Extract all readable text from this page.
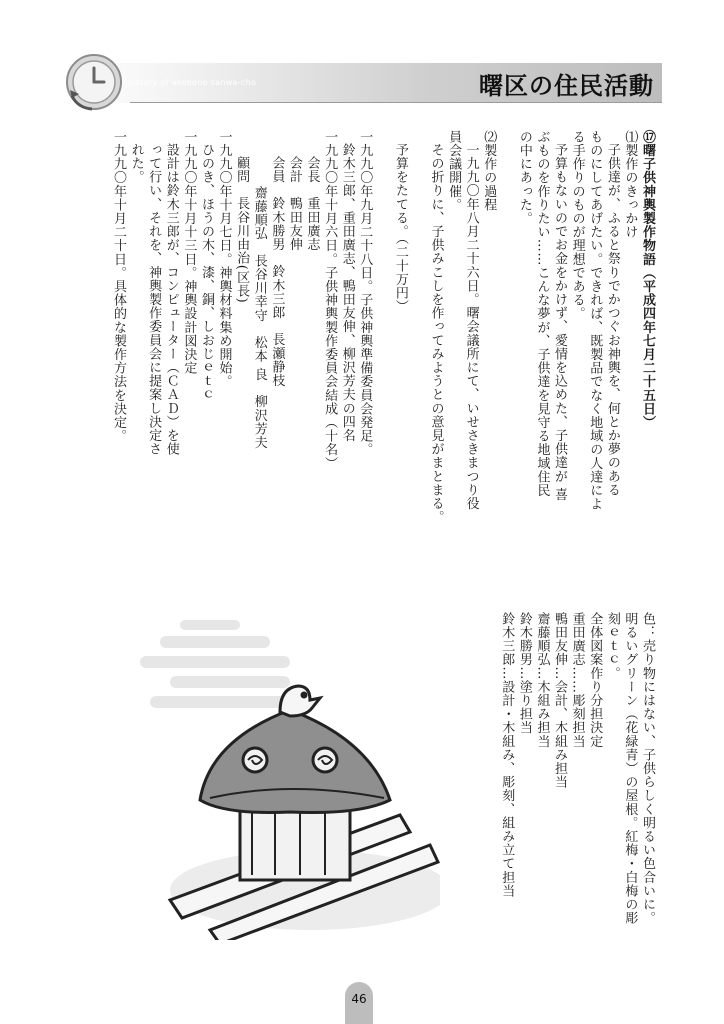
history of akebono sanwa-cho	曙区の住民活動
⑰曙子供神輿製作物語（平成四年七月二十五日）
⑴製作のきっかけ
子供達が、ふると祭りでかつぐお神輿を、何とか夢のある
ものにしてあげたい。できれば、既製品でなく地域の人達によ
る手作りのものが理想である。
予算もないのでお金をかけず、愛情を込めた、子供達が 喜
ぶものを作りたい……こんな夢が、子供達を見守る地域住民
の中にあった。
⑵製作の過程
一九九〇年八月二十六日。曙会議所にて、いせさきまつり役
員会議開催。
その折りに、子供みこしを作ってみようとの意見がまとまる。
予算をたてる。（二十万円）
一九九〇年九月二十八日。子供神輿準備委員会発足。
鈴木三郎、重田廣志、鴨田友伸、柳沢芳夫の四名
一九九〇年十月六日。子供神輿製作委員会結成（十名）
会長　重田廣志
会計　鴨田友伸
会員　鈴木勝男　鈴木三郎　長瀬静枝
齋藤順弘　長谷川幸守　松本 良　柳沢芳夫
顧問　長谷川由治(区長)
一九九〇年十月七日。神輿材料集め開始。
ひのき、ほうの木、漆、銅、しおじｅｔｃ
一九九〇年十月十三日。神輿設計図決定
設計は鈴木三郎が、コンピューター（ＣＡＤ）を使
って行い、それを、神輿製作委員会に提案し決定さ
れた。
一九九〇年十月二十日。具体的な製作方法を決定。
色：売り物にはない、子供らしく明るい色合いに。
明るいグリーン（花緑青）の屋根。紅梅・白梅の彫
刻ｅｔｃ。
全体図案作り分担決定
重田廣志……彫刻担当
鴨田友伸…会計、木組み担当
齋藤順弘…木組み担当
鈴木勝男…塗り担当
鈴木三郎…設計・木組み、彫刻、組み立て担当
46
